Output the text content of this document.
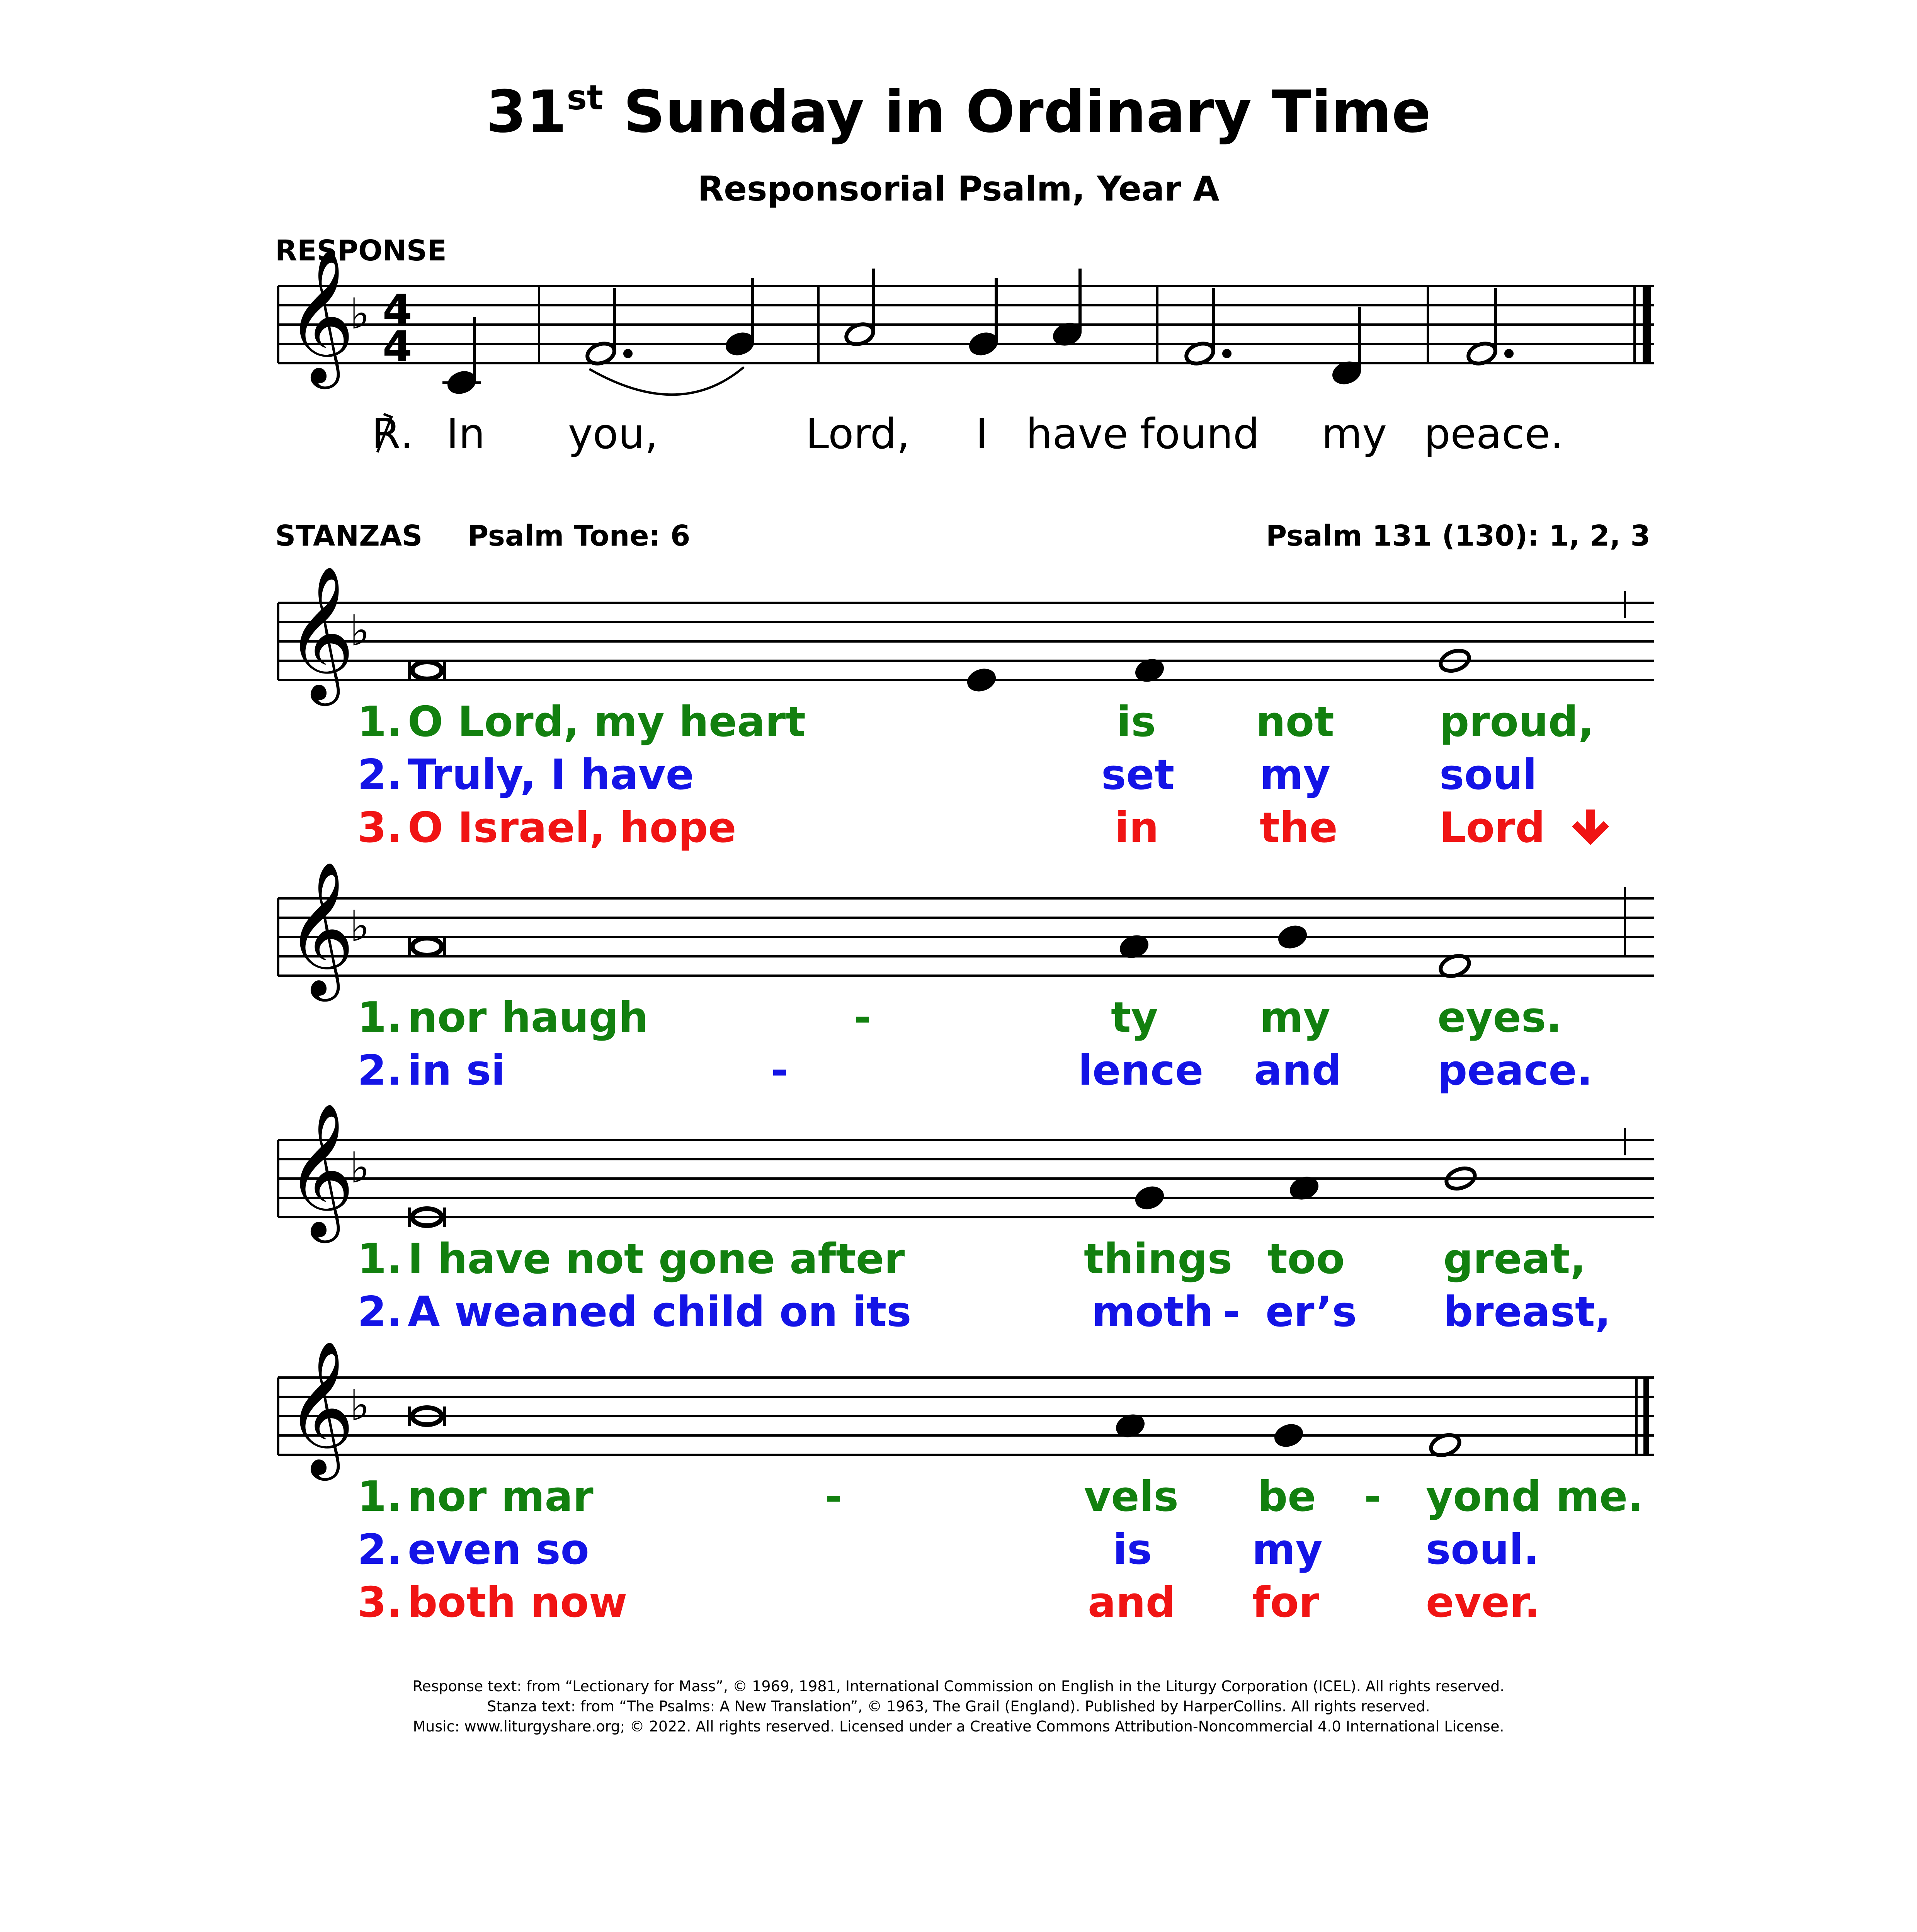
31st Sunday in Ordinary Time
Responsorial Psalm, Year A
RESPONSE
𝄞
♭ 4
4
𝄞
♭
𝄞
♭
𝄞
♭
𝄞
♭
℟. In you,	Lord, I have found my peace.
STANZAS Psalm Tone: 6	Psalm 131 (130): 1, 2, 3
1. O Lord, my heart	is not	proud,
2. Truly, I have	set my	soul
3. O Israel, hope	in the Lord
1. nor haugh	-	ty my	eyes.
2. in si	-	lence and peace.
1. I have not gone after	things too great,
2. A weaned child on its	moth - er’s breast,
1. nor mar	-	vels be - yond me.
2. even so	is my soul.
3. both now	and for	ever.
Response text: from “Lectionary for Mass”, © 1969, 1981, International Commission on English in the Liturgy Corporation (ICEL). All rights reserved.
Stanza text: from “The Psalms: A New Translation”, © 1963, The Grail (England). Published by HarperCollins. All rights reserved.
Music: www.liturgyshare.org; © 2022. All rights reserved. Licensed under a Creative Commons Attribution-Noncommercial 4.0 International License.
